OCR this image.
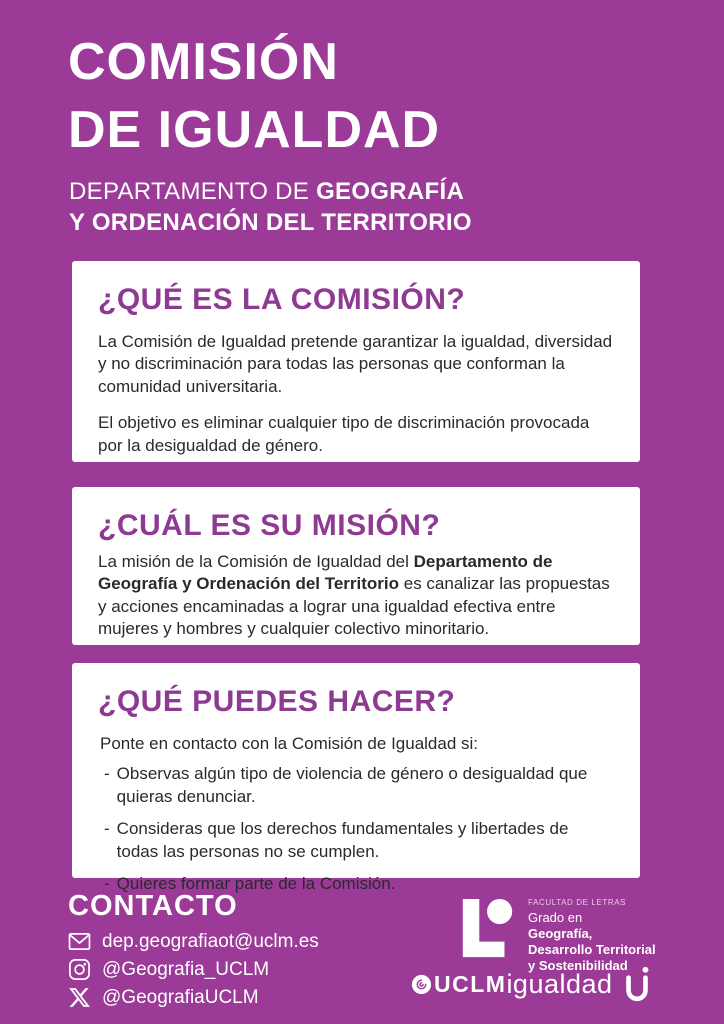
COMISIÓN
DE IGUALDAD
DEPARTAMENTO DE GEOGRAFÍA
Y ORDENACIÓN DEL TERRITORIO
¿QUÉ ES LA COMISIÓN?

La Comisión de Igualdad pretende garantizar la igualdad, diversidad y no discriminación para todas las personas que conforman la comunidad universitaria.

El objetivo es eliminar cualquier tipo de discriminación provocada por la desigualdad de género.

¿CUÁL ES SU MISIÓN?

La misión de la Comisión de Igualdad del Departamento de Geografía y Ordenación del Territorio es canalizar las propuestas y acciones encaminadas a lograr una igualdad efectiva entre mujeres y hombres y cualquier colectivo minoritario.

¿QUÉ PUEDES HACER?

Ponte en contacto con la Comisión de Igualdad si:

- Observas algún tipo de violencia de género o desigualdad que quieras denunciar.
- Consideras que los derechos fundamentales y libertades de todas las personas no se cumplen.
- Quieres formar parte de la Comisión.
CONTACTO
dep.geografiaot@uclm.es
@Geografia_UCLM
@GeografiaUCLM
FACULTAD DE LETRAS
Grado en
Geografía,
Desarrollo Territorial
y Sostenibilidad
UCLM igualdad
